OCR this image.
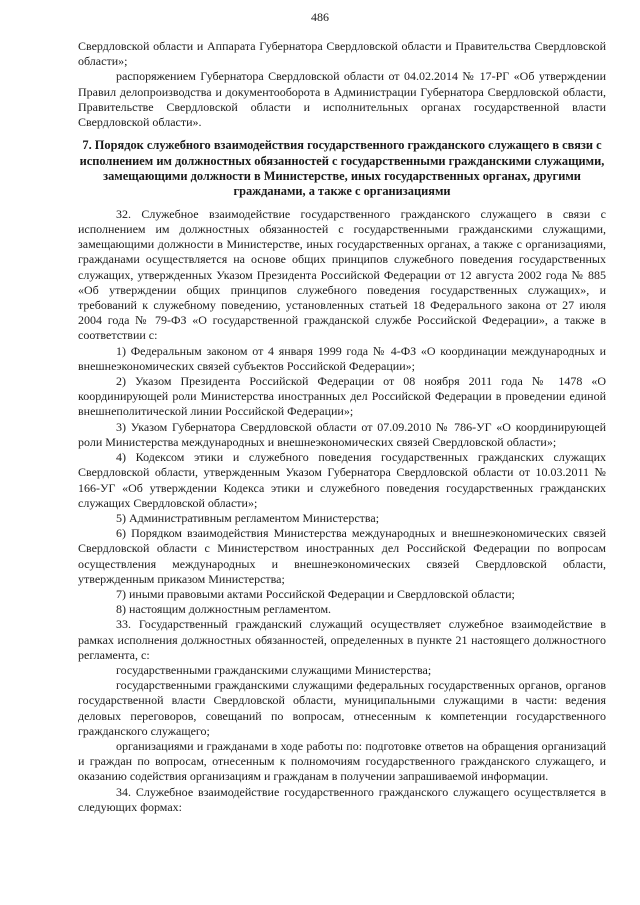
486

Свердловской области и Аппарата Губернатора Свердловской области и Правительства Свердловской области»;

распоряжением Губернатора Свердловской области от 04.02.2014 № 17-РГ «Об утверждении Правил делопроизводства и документооборота в Администрации Губернатора Свердловской области, Правительстве Свердловской области и исполнительных органах государственной власти Свердловской области».

7. Порядок служебного взаимодействия государственного гражданского служащего в связи с исполнением им должностных обязанностей с государственными гражданскими служащими, замещающими должности в Министерстве, иных государственных органах, другими гражданами, а также с организациями

32. Служебное взаимодействие государственного гражданского служащего в связи с исполнением им должностных обязанностей с государственными гражданскими служащими, замещающими должности в Министерстве, иных государственных органах, а также с организациями, гражданами осуществляется на основе общих принципов служебного поведения государственных служащих, утвержденных Указом Президента Российской Федерации от 12 августа 2002 года № 885 «Об утверждении общих принципов служебного поведения государственных служащих», и требований к служебному поведению, установленных статьей 18 Федерального закона от 27 июля 2004 года № 79-ФЗ «О государственной гражданской службе Российской Федерации», а также в соответствии с:

1) Федеральным законом от 4 января 1999 года № 4-ФЗ «О координации международных и внешнеэкономических связей субъектов Российской Федерации»;

2) Указом Президента Российской Федерации от 08 ноября 2011 года № 1478 «О координирующей роли Министерства иностранных дел Российской Федерации в проведении единой внешнеполитической линии Российской Федерации»;

3) Указом Губернатора Свердловской области от 07.09.2010 № 786-УГ «О координирующей роли Министерства международных и внешнеэкономических связей Свердловской области»;

4) Кодексом этики и служебного поведения государственных гражданских служащих Свердловской области, утвержденным Указом Губернатора Свердловской области от 10.03.2011 № 166-УГ «Об утверждении Кодекса этики и служебного поведения государственных гражданских служащих Свердловской области»;

5) Административным регламентом Министерства;

6) Порядком взаимодействия Министерства международных и внешнеэкономических связей Свердловской области с Министерством иностранных дел Российской Федерации по вопросам осуществления международных и внешнеэкономических связей Свердловской области, утвержденным приказом Министерства;

7) иными правовыми актами Российской Федерации и Свердловской области;

8) настоящим должностным регламентом.

33. Государственный гражданский служащий осуществляет служебное взаимодействие в рамках исполнения должностных обязанностей, определенных в пункте 21 настоящего должностного регламента, с:

государственными гражданскими служащими Министерства;

государственными гражданскими служащими федеральных государственных органов, органов государственной власти Свердловской области, муниципальными служащими в части: ведения деловых переговоров, совещаний по вопросам, отнесенным к компетенции государственного гражданского служащего;

организациями и гражданами в ходе работы по: подготовке ответов на обращения организаций и граждан по вопросам, отнесенным к полномочиям государственного гражданского служащего, и оказанию содействия организациям и гражданам в получении запрашиваемой информации.

34. Служебное взаимодействие государственного гражданского служащего осуществляется в следующих формах:
